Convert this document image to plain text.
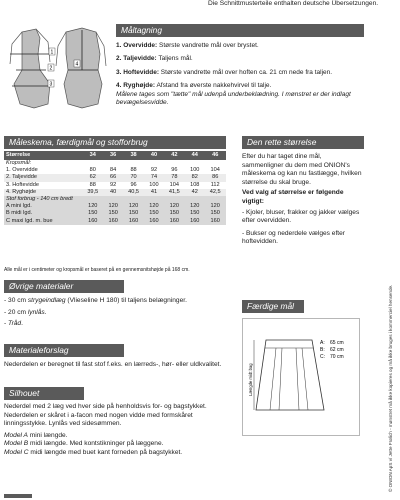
Die Schnittmusterteile enthalten deutsche Übersetzungen.
Måltagning
1
2
3
4

1. Overvidde: Største vandrette mål over brystet.

2. Taljevidde: Taljens mål.

3. Hoftevidde: Største vandrette mål over hoften ca. 21 cm nede fra taljen.

4. Ryghøjde: Afstand fra øverste nakkehvirvel til talje.

Målene tages som "tætte" mål udenpå underbeklædning. I mønstret er der indlagt bevægelsesvidde.

Måleskema, færdigmål og stofforbrug
Størrelse	34	36	38	40	42	44	46
Kropsmål:							
1. Overvidde	80	84	88	92	96	100	104
2. Taljevidde	62	66	70	74	78	82	86
3. Hoftevidde	88	92	96	100	104	108	112
4. Ryghøjde	39,5	40	40,5	41	41,5	42	42,5
Stof forbrug - 140 cm bredt							
A mini lgd.	120	120	120	120	120	120	120
B midi lgd.	150	150	150	150	150	150	150
C maxi lgd. m. bue	160	160	160	160	160	160	160
Alle mål er i centimeter og kropsmål er baseret på en gennemsnitshøjde på 168 cm.
Øvrige materialer

- 30 cm strygeindlæg (Vlieseline H 180) til taljens belægninger.

- 20 cm lynlås.

- Tråd.

Materialeforslag
Nederdelen er beregnet til fast stof f.eks. en lærreds-, hør- eller uldkvalitet.
Silhouet

Nederdel med 2 læg ved hver side på henholdsvis for- og bagstykket. Nederdelen er skåret i a-facon med nogen vidde med formskåret linningsstykke. Lynlås ved sidesømmen.

Model A mini længde.

Model B midi længde. Med kontstikninger på læggene.

Model C midi længde med buet kant forneden på bagstykket.

Den rette størrelse

Efter du har taget dine mål, sammenligner du dem med ONION's måleskema og kan nu fastlægge, hvilken størrelse du skal bruge.

Ved valg af størrelse er følgende vigtigt:

- Kjoler, bluser, frakker og jakker vælges efter overvidden.

- Bukser og nederdele vælges efter hoftevidden.

Færdige mål
Længde midt bag
A: 65 cm
B: 62 cm
C: 70 cm	© ONION ApS v/ Jette Frølich - mønstret må ikke kopieres og må ikke bruges i kommerciel hensende.
